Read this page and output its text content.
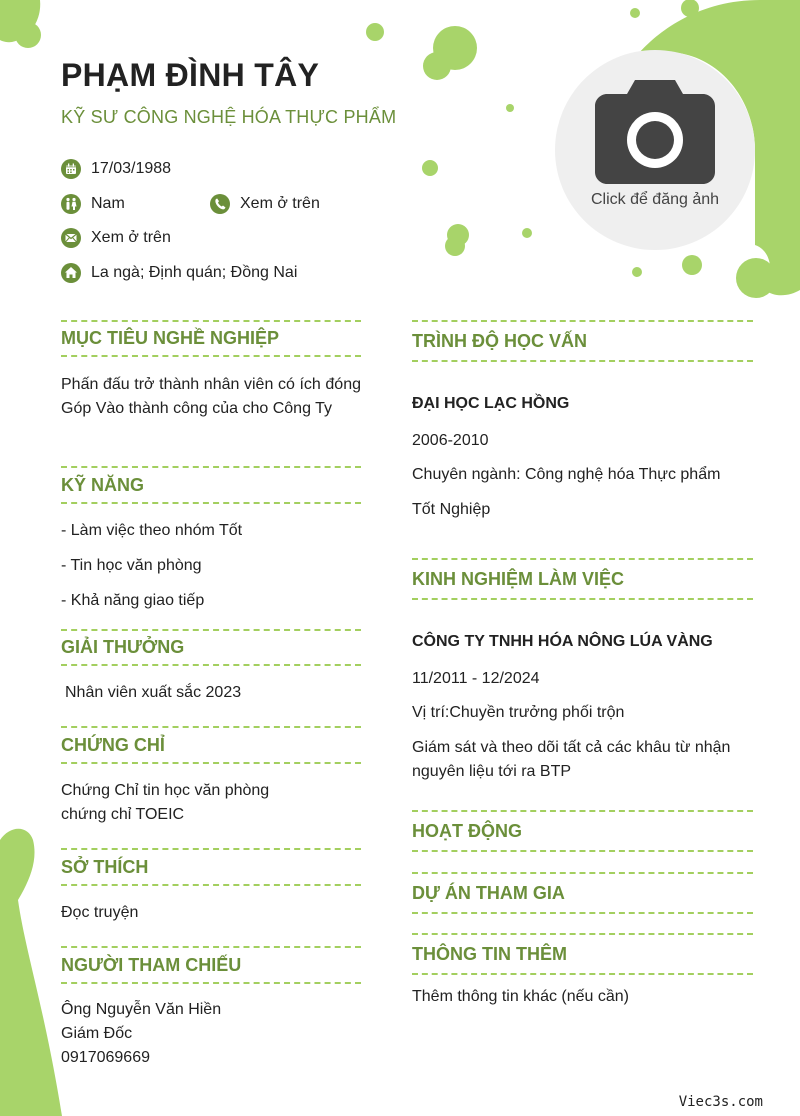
PHẠM ĐÌNH TÂY

KỸ SƯ CÔNG NGHỆ HÓA THỰC PHẨM

17/03/1988
Nam	Xem ở trên
Xem ở trên
La ngà; Định quán; Đồng Nai
Click để đăng ảnh
MỤC TIÊU NGHỀ NGHIỆP
Phấn đấu trở thành nhân viên có ích đóng Góp Vào thành công của cho Công Ty
KỸ NĂNG
- Làm việc theo nhóm Tốt
- Tin học văn phòng
- Khả năng giao tiếp
GIẢI THƯỞNG
Nhân viên xuất sắc 2023
CHỨNG CHỈ
Chứng Chỉ tin học văn phòng
chứng chỉ TOEIC
SỞ THÍCH
Đọc truyện
NGƯỜI THAM CHIẾU
Ông Nguyễn Văn Hiền
Giám Đốc
0917069669
TRÌNH ĐỘ HỌC VẤN
ĐẠI HỌC LẠC HỒNG
2006-2010
Chuyên ngành: Công nghệ hóa Thực phẩm
Tốt Nghiệp
KINH NGHIỆM LÀM VIỆC
CÔNG TY TNHH HÓA NÔNG LÚA VÀNG
11/2011 - 12/2024
Vị trí:Chuyền trưởng phối trộn
Giám sát và theo dõi tất cả các khâu từ nhận nguyên liệu tới ra BTP
HOẠT ĐỘNG
DỰ ÁN THAM GIA
THÔNG TIN THÊM
Thêm thông tin khác (nếu cần)
Viec3s.com
